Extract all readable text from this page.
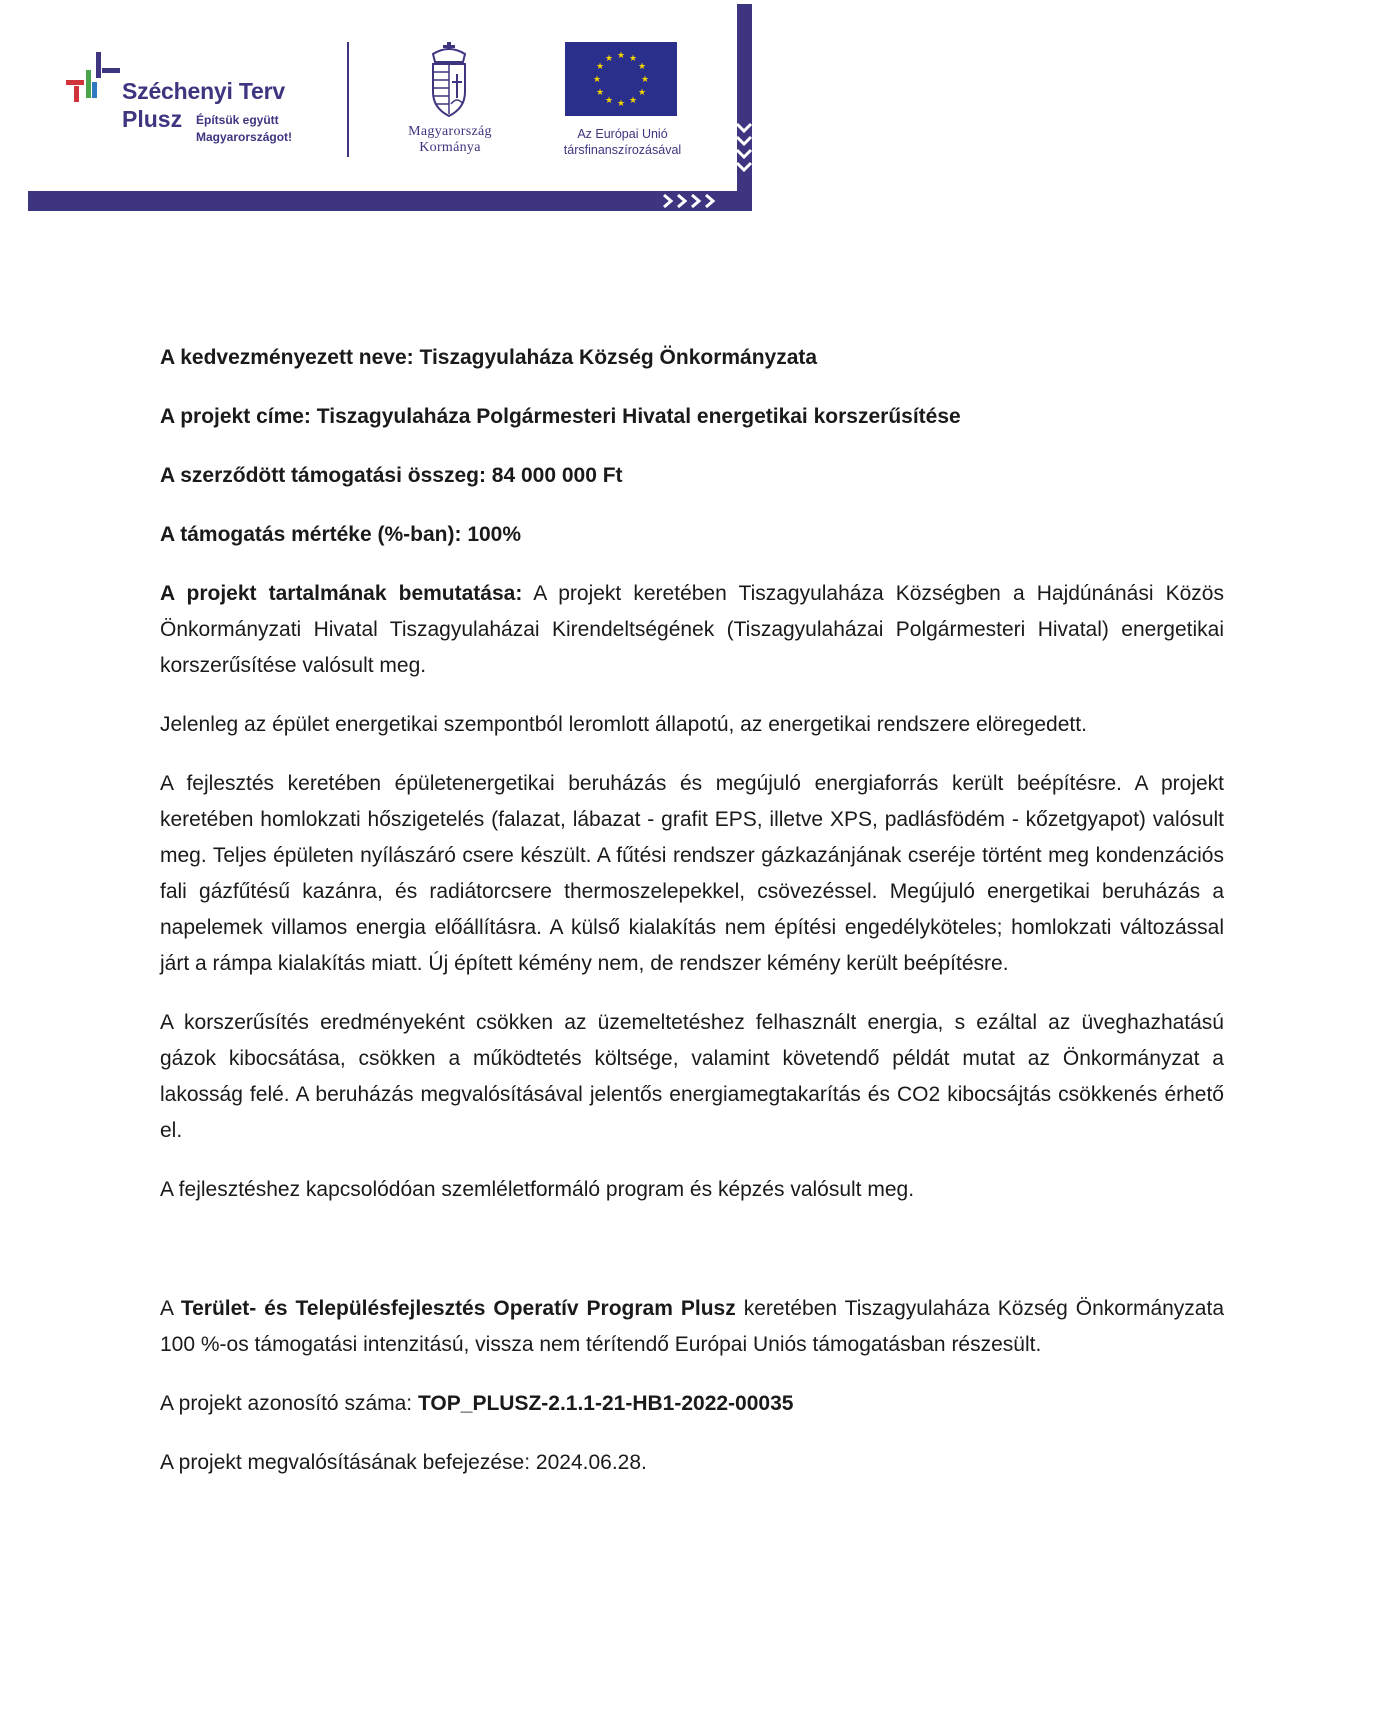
Széchenyi Terv
Plusz Építsük együtt
Magyarországot!	Magyarország
Kormánya
★ ★
★
★
★
★
★
★
★
★
★
★
Az Európai Unió
társfinanszírozásával

A kedvezményezett neve: Tiszagyulaháza Község Önkormányzata

A projekt címe: Tiszagyulaháza Polgármesteri Hivatal energetikai korszerűsítése

A szerződött támogatási összeg: 84 000 000 Ft

A támogatás mértéke (%-ban): 100%

A projekt tartalmának bemutatása: A projekt keretében Tiszagyulaháza Községben a Hajdúnánási Közös Önkormányzati Hivatal Tiszagyulaházai Kirendeltségének (Tiszagyulaházai Polgármesteri Hivatal) energetikai korszerűsítése valósult meg.

Jelenleg az épület energetikai szempontból leromlott állapotú, az energetikai rendszere elöregedett.

A fejlesztés keretében épületenergetikai beruházás és megújuló energiaforrás került beépítésre. A projekt keretében homlokzati hőszigetelés (falazat, lábazat - grafit EPS, illetve XPS, padlásfödém - kőzetgyapot) valósult meg. Teljes épületen nyílászáró csere készült. A fűtési rendszer gázkazánjának cseréje történt meg kondenzációs fali gázfűtésű kazánra, és radiátorcsere thermoszelepekkel, csövezéssel. Megújuló energetikai beruházás a napelemek villamos energia előállításra. A külső kialakítás nem építési engedélyköteles; homlokzati változással járt a rámpa kialakítás miatt. Új épített kémény nem, de rendszer kémény került beépítésre.

A korszerűsítés eredményeként csökken az üzemeltetéshez felhasznált energia, s ezáltal az üveghazhatású gázok kibocsátása, csökken a működtetés költsége, valamint követendő példát mutat az Önkormányzat a lakosság felé. A beruházás megvalósításával jelentős energiamegtakarítás és CO2 kibocsájtás csökkenés érhető el.

A fejlesztéshez kapcsolódóan szemléletformáló program és képzés valósult meg.

A Terület- és Településfejlesztés Operatív Program Plusz keretében Tiszagyulaháza Község Önkormányzata 100 %-os támogatási intenzitású, vissza nem térítendő Európai Uniós támogatásban részesült.

A projekt azonosító száma: TOP_PLUSZ-2.1.1-21-HB1-2022-00035

A projekt megvalósításának befejezése: 2024.06.28.
